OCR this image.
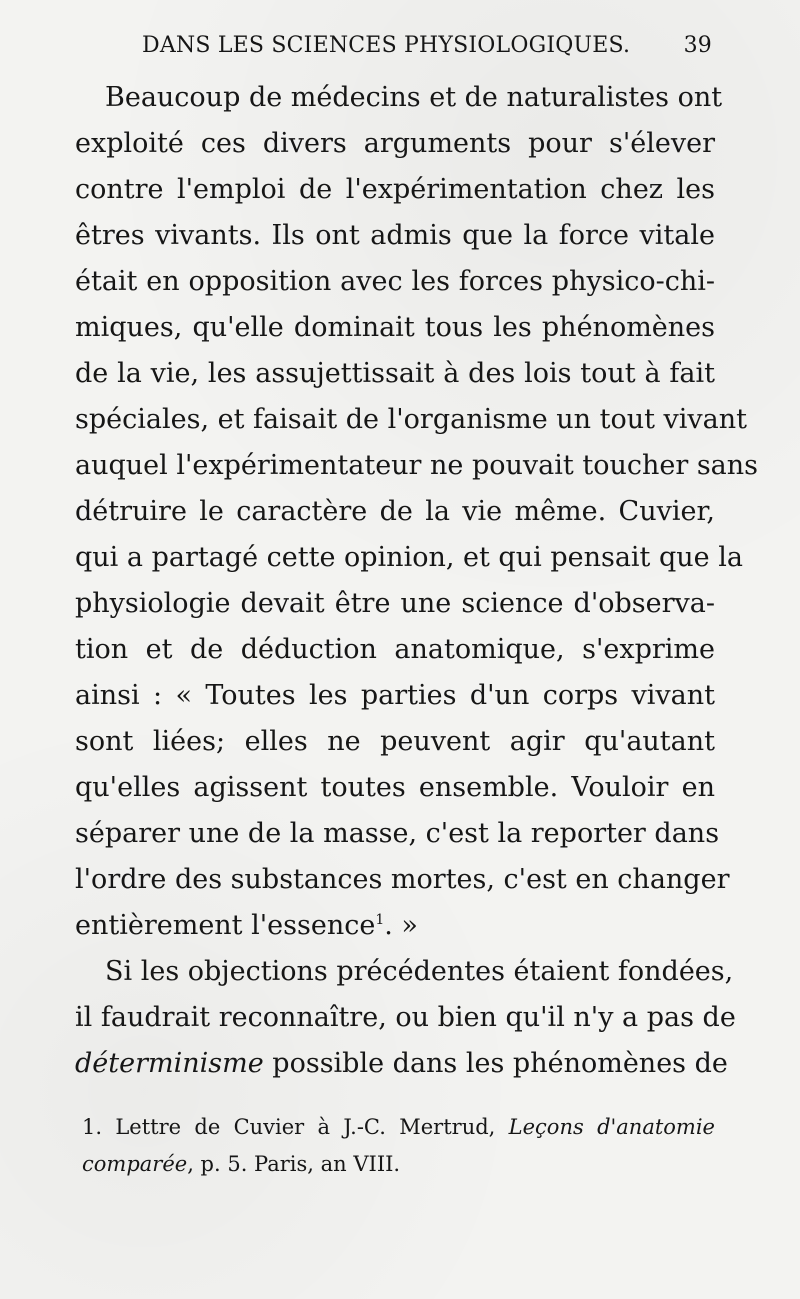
DANS LES SCIENCES PHYSIOLOGIQUES. 39
Beaucoup de médecins et de naturalistes ont
exploité ces divers arguments pour s'élever
contre l'emploi de l'expérimentation chez les
êtres vivants. Ils ont admis que la force vitale
était en opposition avec les forces physico-chi-
miques, qu'elle dominait tous les phénomènes
de la vie, les assujettissait à des lois tout à fait
spéciales, et faisait de l'organisme un tout vivant
auquel l'expérimentateur ne pouvait toucher sans
détruire le caractère de la vie même. Cuvier,
qui a partagé cette opinion, et qui pensait que la
physiologie devait être une science d'observa-
tion et de déduction anatomique, s'exprime
ainsi : « Toutes les parties d'un corps vivant
sont liées; elles ne peuvent agir qu'autant
qu'elles agissent toutes ensemble. Vouloir en
séparer une de la masse, c'est la reporter dans
l'ordre des substances mortes, c'est en changer
entièrement l'essence$^1$. »
Si les objections précédentes étaient fondées,
il faudrait reconnaître, ou bien qu'il n'y a pas de
déterminisme possible dans les phénomènes de
1. Lettre de Cuvier à J.-C. Mertrud, Leçons d'anatomie
comparée, p. 5. Paris, an VIII.
